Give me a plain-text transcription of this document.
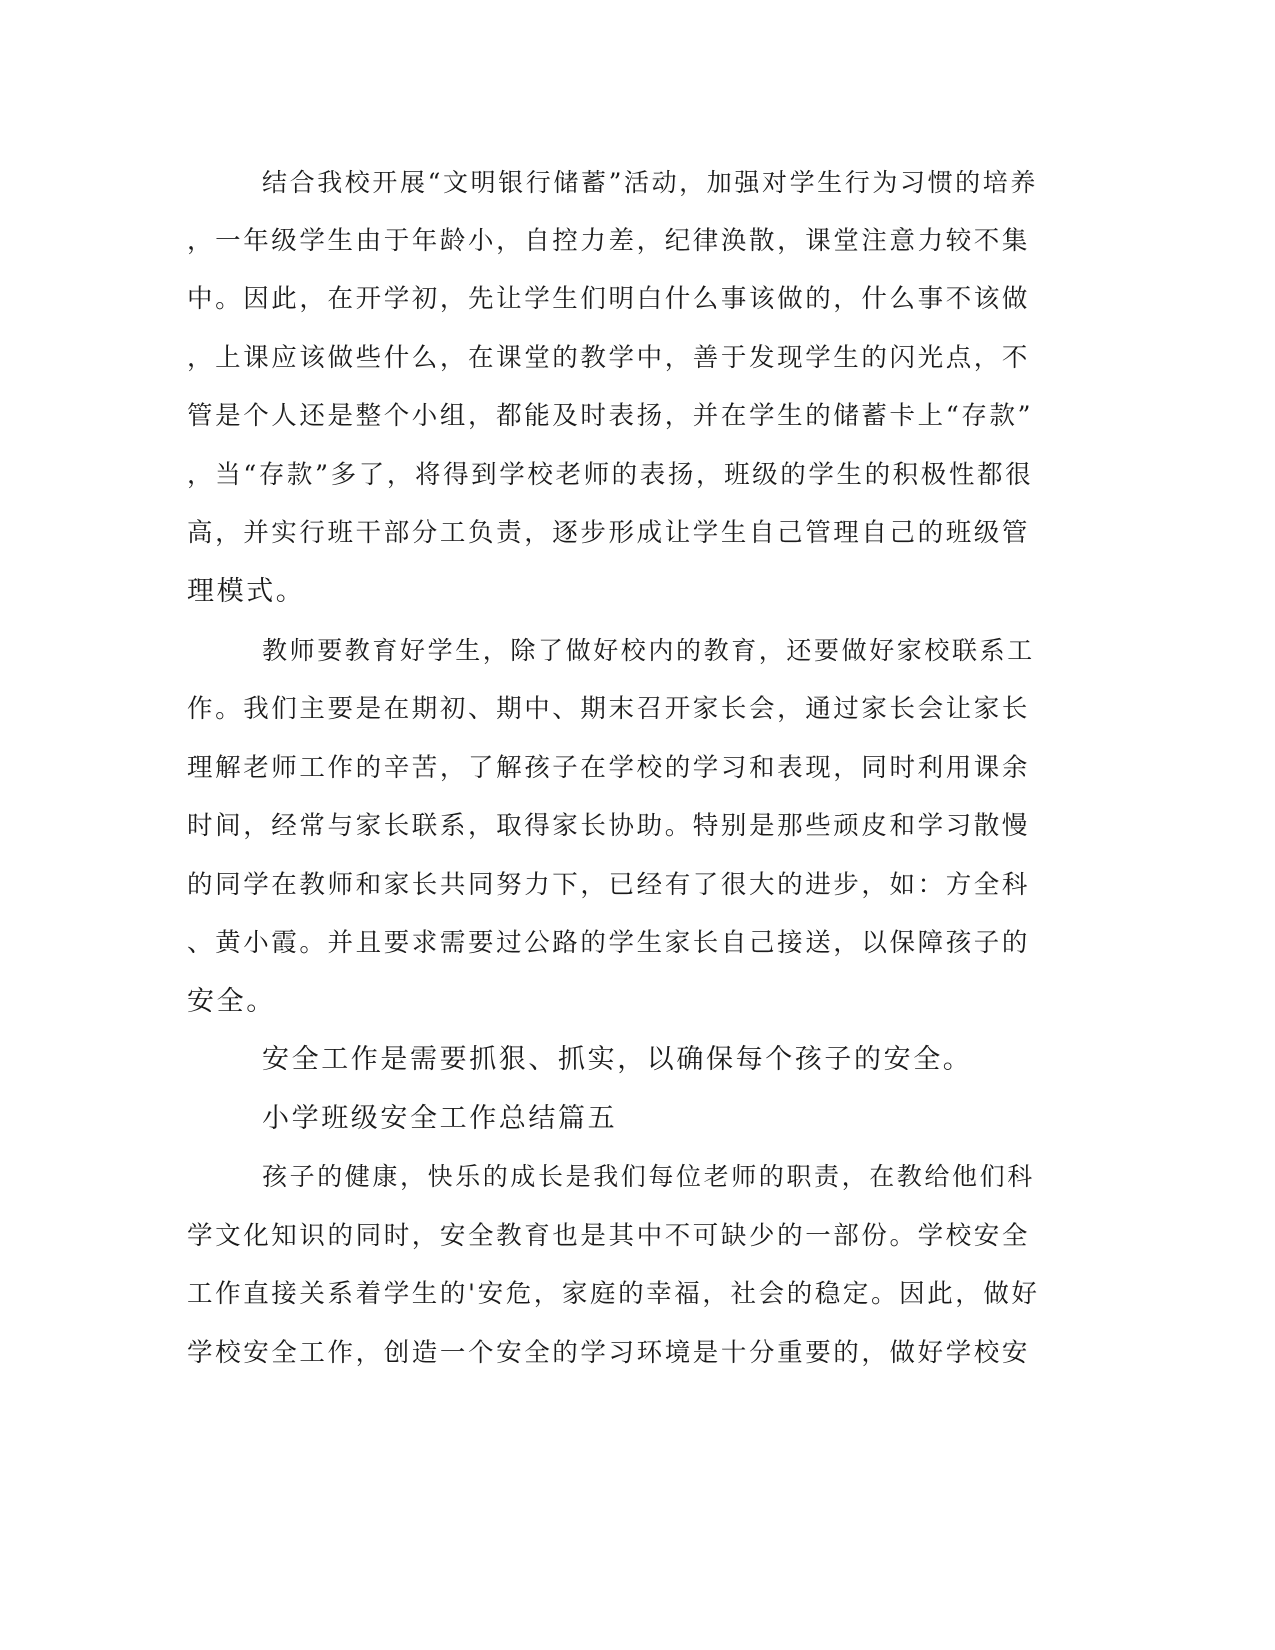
结合我校开展“文明银行储蓄”活动，加强对学生行为习惯的培养
，一年级学生由于年龄小，自控力差，纪律涣散，课堂注意力较不集
中。因此，在开学初，先让学生们明白什么事该做的，什么事不该做
，上课应该做些什么，在课堂的教学中，善于发现学生的闪光点，不
管是个人还是整个小组，都能及时表扬，并在学生的储蓄卡上“存款”
，当“存款”多了，将得到学校老师的表扬，班级的学生的积极性都很
高，并实行班干部分工负责，逐步形成让学生自己管理自己的班级管
理模式。
教师要教育好学生，除了做好校内的教育，还要做好家校联系工
作。我们主要是在期初、期中、期末召开家长会，通过家长会让家长
理解老师工作的辛苦，了解孩子在学校的学习和表现，同时利用课余
时间，经常与家长联系，取得家长协助。特别是那些顽皮和学习散慢
的同学在教师和家长共同努力下，已经有了很大的进步，如：方全科
、黄小霞。并且要求需要过公路的学生家长自己接送，以保障孩子的
安全。
安全工作是需要抓狠、抓实，以确保每个孩子的安全。
小学班级安全工作总结篇五
孩子的健康，快乐的成长是我们每位老师的职责，在教给他们科
学文化知识的同时，安全教育也是其中不可缺少的一部份。学校安全
工作直接关系着学生的'安危，家庭的幸福，社会的稳定。因此，做好
学校安全工作，创造一个安全的学习环境是十分重要的，做好学校安
